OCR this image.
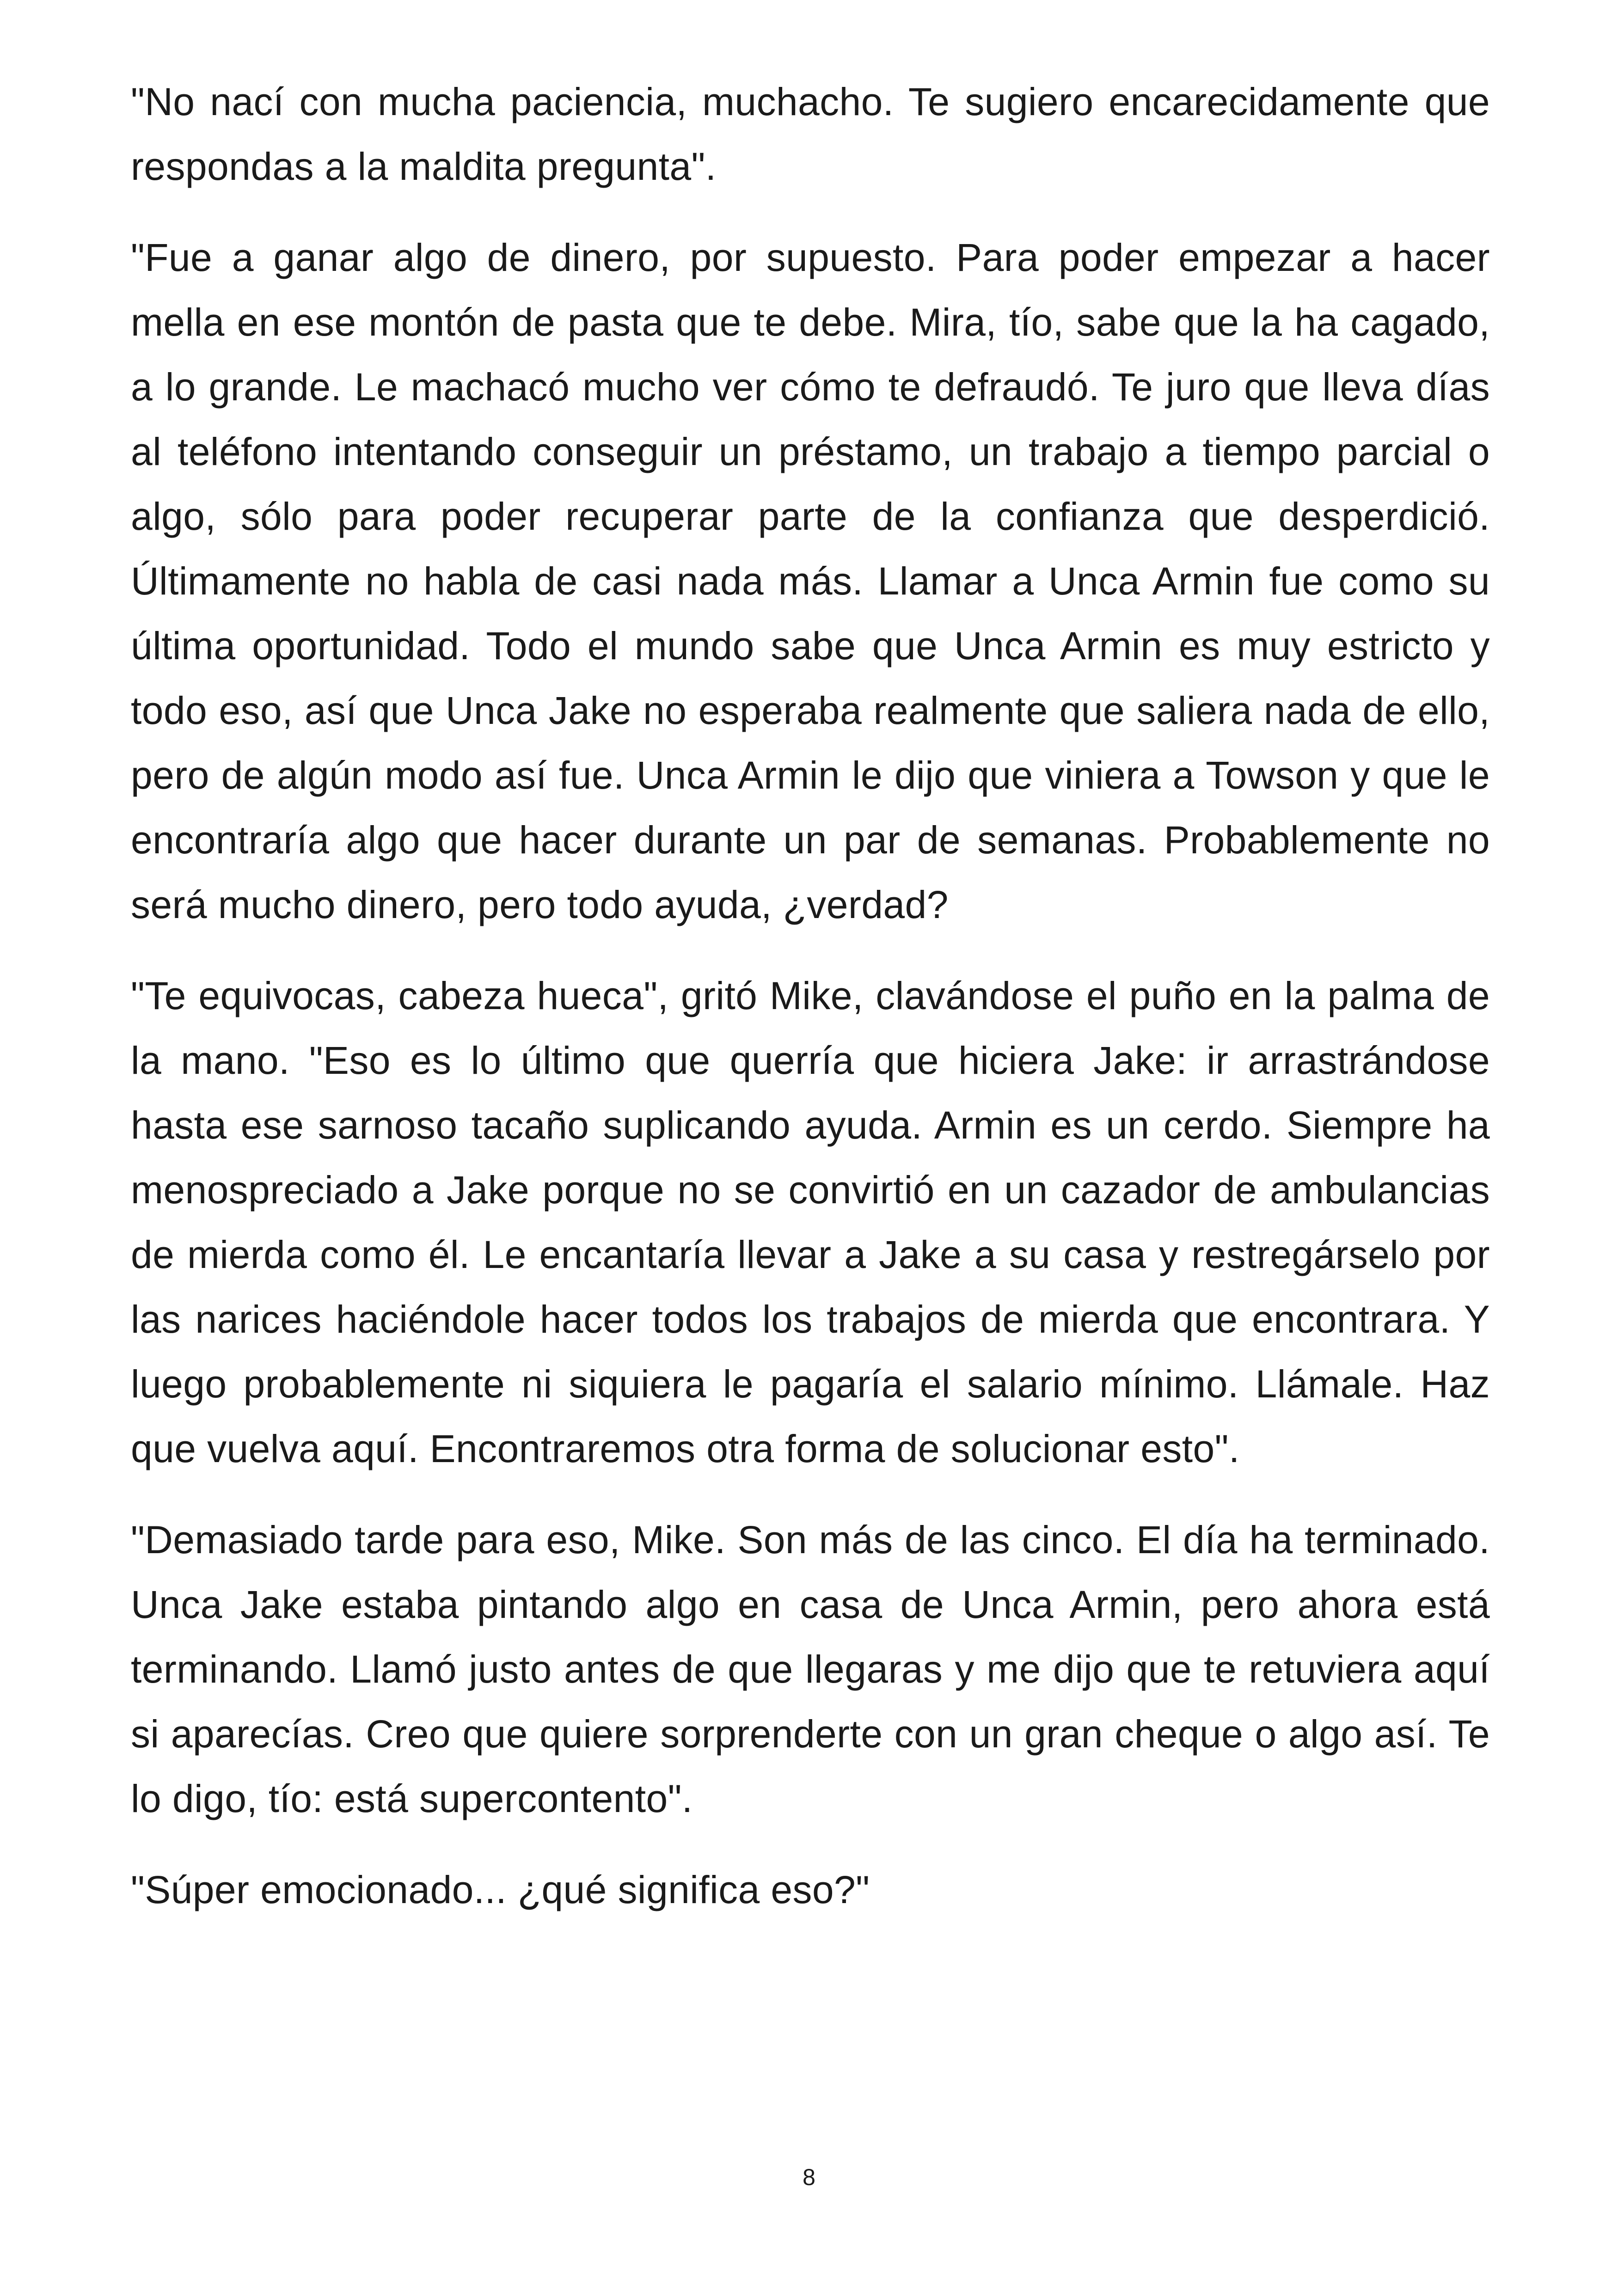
"No nací con mucha paciencia, muchacho. Te sugiero encarecidamente que respondas a la maldita pregunta".

"Fue a ganar algo de dinero, por supuesto. Para poder empezar a hacer mella en ese montón de pasta que te debe. Mira, tío, sabe que la ha cagado, a lo grande. Le machacó mucho ver cómo te defraudó. Te juro que lleva días al teléfono intentando conseguir un préstamo, un trabajo a tiempo parcial o algo, sólo para poder recuperar parte de la confianza que desperdició. Últimamente no habla de casi nada más. Llamar a Unca Armin fue como su última oportunidad. Todo el mundo sabe que Unca Armin es muy estricto y todo eso, así que Unca Jake no esperaba realmente que saliera nada de ello, pero de algún modo así fue. Unca Armin le dijo que viniera a Towson y que le encontraría algo que hacer durante un par de semanas. Probablemente no será mucho dinero, pero todo ayuda, ¿verdad?

"Te equivocas, cabeza hueca", gritó Mike, clavándose el puño en la palma de la mano. "Eso es lo último que querría que hiciera Jake: ir arrastrándose hasta ese sarnoso tacaño suplicando ayuda. Armin es un cerdo. Siempre ha menospreciado a Jake porque no se convirtió en un cazador de ambulancias de mierda como él. Le encantaría llevar a Jake a su casa y restregárselo por las narices haciéndole hacer todos los trabajos de mierda que encontrara. Y luego probablemente ni siquiera le pagaría el salario mínimo. Llámale. Haz que vuelva aquí. Encontraremos otra forma de solucionar esto".

"Demasiado tarde para eso, Mike. Son más de las cinco. El día ha terminado. Unca Jake estaba pintando algo en casa de Unca Armin, pero ahora está terminando. Llamó justo antes de que llegaras y me dijo que te retuviera aquí si aparecías. Creo que quiere sorprenderte con un gran cheque o algo así. Te lo digo, tío: está supercontento".

"Súper emocionado... ¿qué significa eso?"

8
